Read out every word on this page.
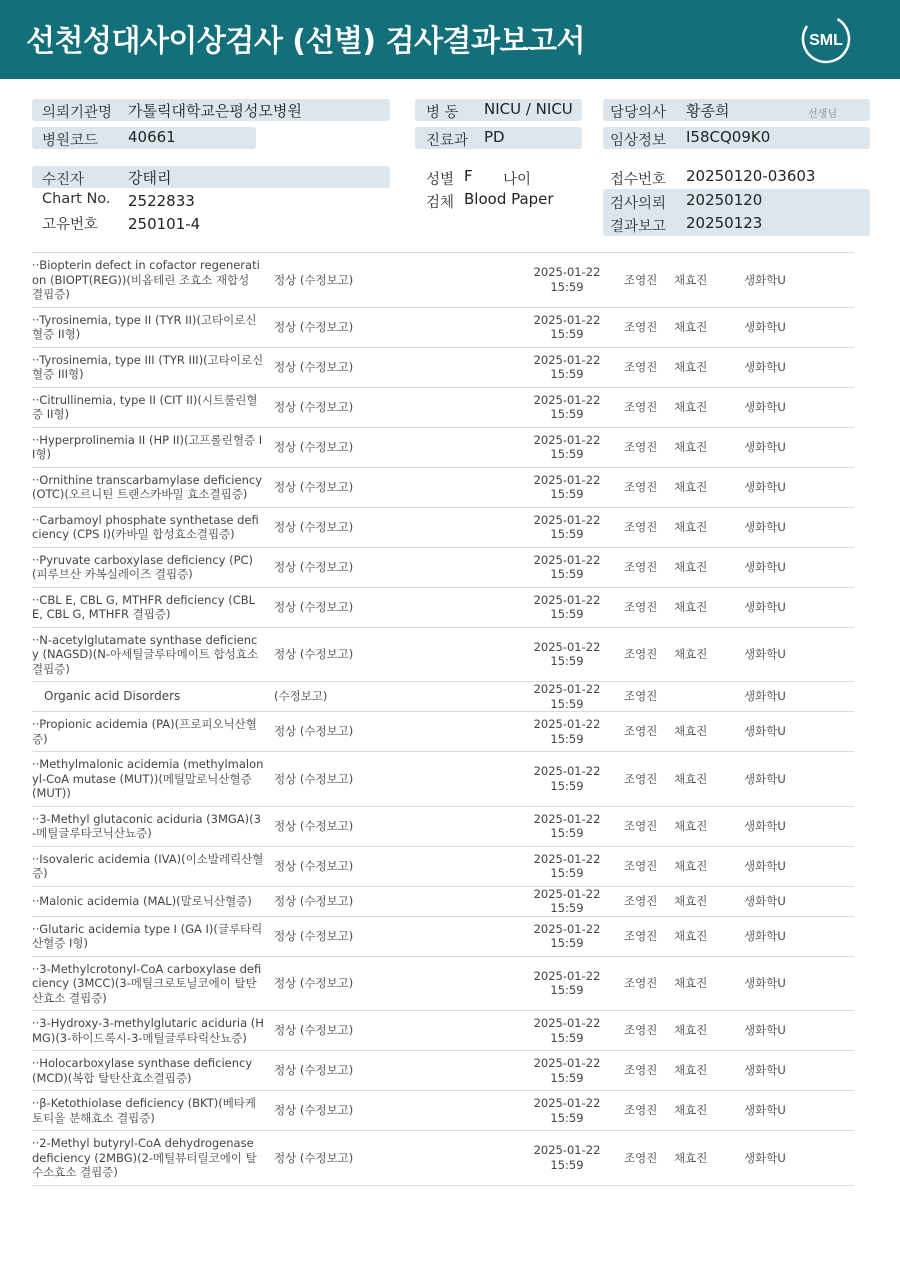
선천성대사이상검사 (선별) 검사결과보고서	SML
의뢰기관명 가톨릭대학교은평성모병원
병원코드 40661
병 동 NICU / NICU
진료과 PD
담당의사 황종희	선생님
임상정보 I58CQ09K0
수진자	강태리
Chart No. 2522833
고유번호 250101-4
성별 F 나이
검체 Blood Paper
접수번호 20250120-03603
검사의뢰 20250120
결과보고 20250123
··Biopterin defect in cofactor regeneration (BIOPT(REG))(비옵테린 조효소 재합성 결핍증)	정상 (수정보고)	2025-01-22
15:59	조영진	채효진	생화학U
··Tyrosinemia, type II (TYR II)(고타이로신혈증 II형)	정상 (수정보고)	2025-01-22
15:59	조영진	채효진	생화학U
··Tyrosinemia, type III (TYR III)(고타이로신혈증 III형)	정상 (수정보고)	2025-01-22
15:59	조영진	채효진	생화학U
··Citrullinemia, type II (CIT II)(시트룰린혈증 II형)	정상 (수정보고)	2025-01-22
15:59	조영진	채효진	생화학U
··Hyperprolinemia II (HP II)(고프롤린혈증 II형)	정상 (수정보고)	2025-01-22
15:59	조영진	채효진	생화학U
··Ornithine transcarbamylase deficiency (OTC)(오르니틴 트랜스카바밀 효소결핍증)	정상 (수정보고)	2025-01-22
15:59	조영진	채효진	생화학U
··Carbamoyl phosphate synthetase deficiency (CPS I)(카바밀 합성효소결핍증)	정상 (수정보고)	2025-01-22
15:59	조영진	채효진	생화학U
··Pyruvate carboxylase deficiency (PC)(피루브산 카복실레이즈 결핍증)	정상 (수정보고)	2025-01-22
15:59	조영진	채효진	생화학U
··CBL E, CBL G, MTHFR deficiency (CBL E, CBL G, MTHFR 결핍증)	정상 (수정보고)	2025-01-22
15:59	조영진	채효진	생화학U
··N-acetylglutamate synthase deficiency (NAGSD)(N-아세틸글루타메이트 합성효소 결핍증)	정상 (수정보고)	2025-01-22
15:59	조영진	채효진	생화학U
Organic acid Disorders	(수정보고)	2025-01-22
15:59	조영진		생화학U
··Propionic acidemia (PA)(프로피오닉산혈증)	정상 (수정보고)	2025-01-22
15:59	조영진	채효진	생화학U
··Methylmalonic acidemia (methylmalonyl-CoA mutase (MUT))(메틸말로닉산혈증 (MUT))	정상 (수정보고)	2025-01-22
15:59	조영진	채효진	생화학U
··3-Methyl glutaconic aciduria (3MGA)(3-메틸글루타코닉산뇨증)	정상 (수정보고)	2025-01-22
15:59	조영진	채효진	생화학U
··Isovaleric acidemia (IVA)(이소발레릭산혈증)	정상 (수정보고)	2025-01-22
15:59	조영진	채효진	생화학U
··Malonic acidemia (MAL)(말로닉산혈증)	정상 (수정보고)	2025-01-22
15:59	조영진	채효진	생화학U
··Glutaric acidemia type I (GA I)(글루타릭산혈증 I형)	정상 (수정보고)	2025-01-22
15:59	조영진	채효진	생화학U
··3-Methylcrotonyl-CoA carboxylase deficiency (3MCC)(3-메틸크로토닐코에이 탈탄산효소 결핍증)	정상 (수정보고)	2025-01-22
15:59	조영진	채효진	생화학U
··3-Hydroxy-3-methylglutaric aciduria (HMG)(3-하이드록시-3-메틸글루타릭산뇨증)	정상 (수정보고)	2025-01-22
15:59	조영진	채효진	생화학U
··Holocarboxylase synthase deficiency (MCD)(복합 탈탄산효소결핍증)	정상 (수정보고)	2025-01-22
15:59	조영진	채효진	생화학U
··β-Ketothiolase deficiency (BKT)(베타케토티올 분해효소 결핍증)	정상 (수정보고)	2025-01-22
15:59	조영진	채효진	생화학U
··2-Methyl butyryl-CoA dehydrogenase deficiency (2MBG)(2-메틸뷰티릴코에이 탈수소효소 결핍증)	정상 (수정보고)	2025-01-22
15:59	조영진	채효진	생화학U
